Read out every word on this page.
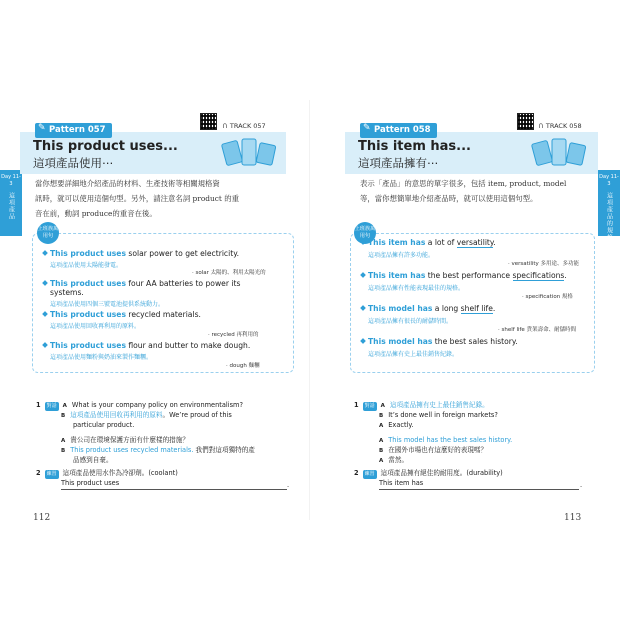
∩ TRACK 057
Day 11-3
這項產品
✎ Pattern 057
This product uses...
這項產品使用⋯
當你想要詳細地介紹產品的材料、生產技術等相關規格資
訊時，就可以使用這個句型。另外，請注意名詞 product 的重
音在前，動詞 produce的重音在後。
上班族萬用句
This product uses solar power to get electricity.
這項產品使用太陽能發電。
‧ solar 太陽的、利用太陽光的
This product uses four AA batteries to power its
systems.
這項產品使用四個三號電池提供系統動力。
This product uses recycled materials.
這項產品使用回收再利用的原料。
‧ recycled 再利用的
This product uses flour and butter to make dough.
這項產品使用麵粉與奶油來製作麵糰。
‧ dough 麵糰
1 對話 A What is your company policy on environmentalism?
B 這項產品使用回收再利用的原料。We’re proud of this
particular product.
A 貴公司在環境保護方面有什麼樣的措施？
B This product uses recycled materials. 我們對這項獨特的產
品感到自豪。
2 練習 這項產品使用水作為冷卻劑。(coolant)
This product uses	.
112
∩ TRACK 058
✎ Pattern 058
This item has...
這項產品擁有⋯
Day 11-3
這項產品的規格
表示「產品」的意思的單字很多，包括 item, product, model
等，當你想簡單地介紹產品時，就可以使用這個句型。
上班族萬用句
This item has a lot of versatility.
這項產品擁有許多功能。
‧ versatility 多用途、多功能
This item has the best performance specifications.
這項產品擁有性能表現最佳的規格。
‧ specification 規格
This model has a long shelf life.
這項產品擁有很長的耐儲時間。
‧ shelf life 貨架壽命、耐儲時間
This model has the best sales history.
這項產品擁有史上最佳銷售紀錄。
1 對話 A 這項產品擁有史上最佳銷售紀錄。
B It’s done well in foreign markets?
A Exactly.
A This model has the best sales history.
B 在國外市場也有這麼好的表現嗎？
A 當然。
2 練習 這項產品擁有絕佳的耐用度。(durability)
This item has	.
113
